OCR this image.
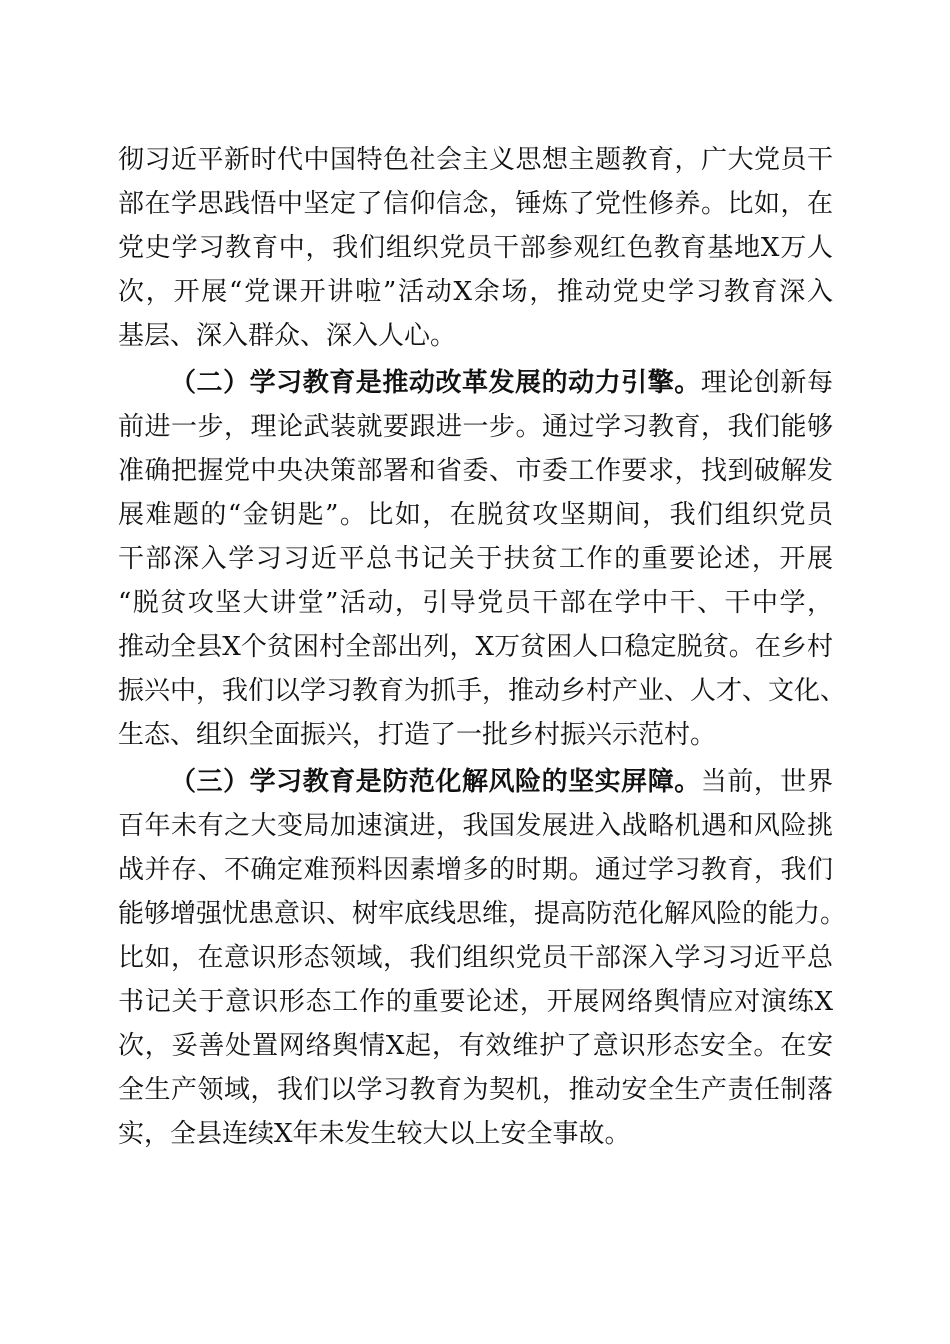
彻习近平新时代中国特色社会主义思想主题教育，广大党员干
部在学思践悟中坚定了信仰信念，锤炼了党性修养。比如，在
党史学习教育中，我们组织党员干部参观红色教育基地X万人
次，开展“党课开讲啦”活动X余场，推动党史学习教育深入
基层、深入群众、深入人心。
（二）学习教育是推动改革发展的动力引擎。理论创新每
前进一步，理论武装就要跟进一步。通过学习教育，我们能够
准确把握党中央决策部署和省委、市委工作要求，找到破解发
展难题的“金钥匙”。比如，在脱贫攻坚期间，我们组织党员
干部深入学习习近平总书记关于扶贫工作的重要论述，开展
“脱贫攻坚大讲堂”活动，引导党员干部在学中干、干中学，
推动全县X个贫困村全部出列，X万贫困人口稳定脱贫。在乡村
振兴中，我们以学习教育为抓手，推动乡村产业、人才、文化、
生态、组织全面振兴，打造了一批乡村振兴示范村。
（三）学习教育是防范化解风险的坚实屏障。当前，世界
百年未有之大变局加速演进，我国发展进入战略机遇和风险挑
战并存、不确定难预料因素增多的时期。通过学习教育，我们
能够增强忧患意识、树牢底线思维，提高防范化解风险的能力。
比如，在意识形态领域，我们组织党员干部深入学习习近平总
书记关于意识形态工作的重要论述，开展网络舆情应对演练X
次，妥善处置网络舆情X起，有效维护了意识形态安全。在安
全生产领域，我们以学习教育为契机，推动安全生产责任制落
实，全县连续X年未发生较大以上安全事故。
